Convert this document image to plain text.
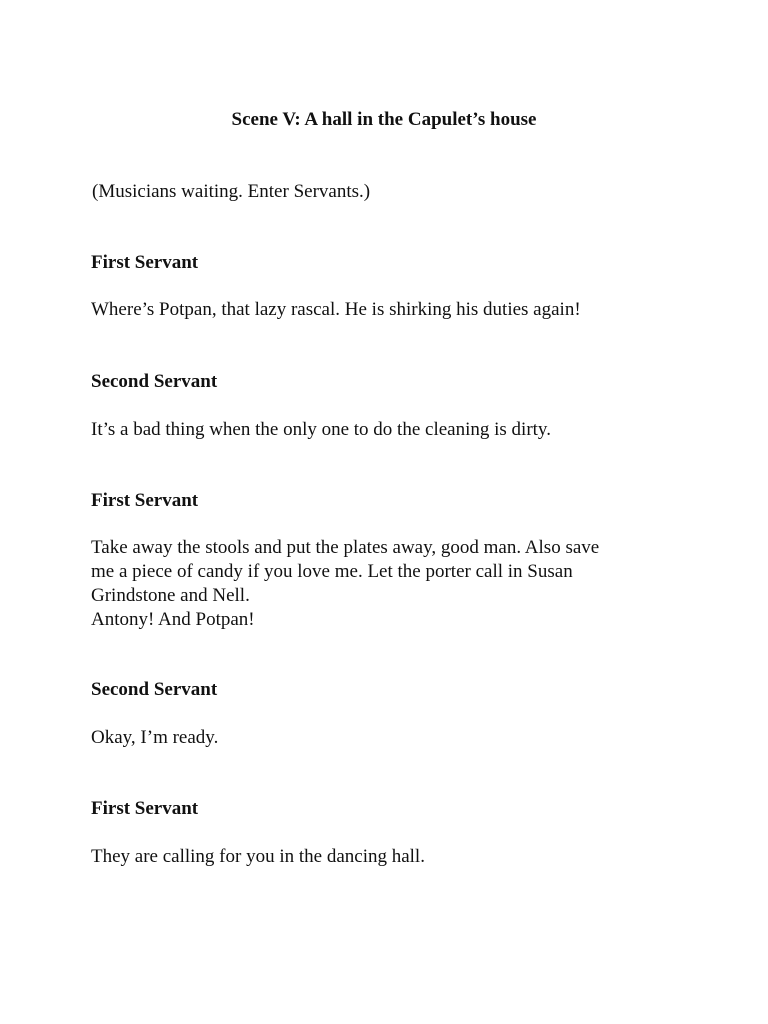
Scene V: A hall in the Capulet’s house
(Musicians waiting. Enter Servants.)
First Servant
Where’s Potpan, that lazy rascal. He is shirking his duties again!
Second Servant
It’s a bad thing when the only one to do the cleaning is dirty.
First Servant
Take away the stools and put the plates away, good man. Also save
me a piece of candy if you love me. Let the porter call in Susan
Grindstone and Nell.
Antony! And Potpan!
Second Servant
Okay, I’m ready.
First Servant
They are calling for you in the dancing hall.
